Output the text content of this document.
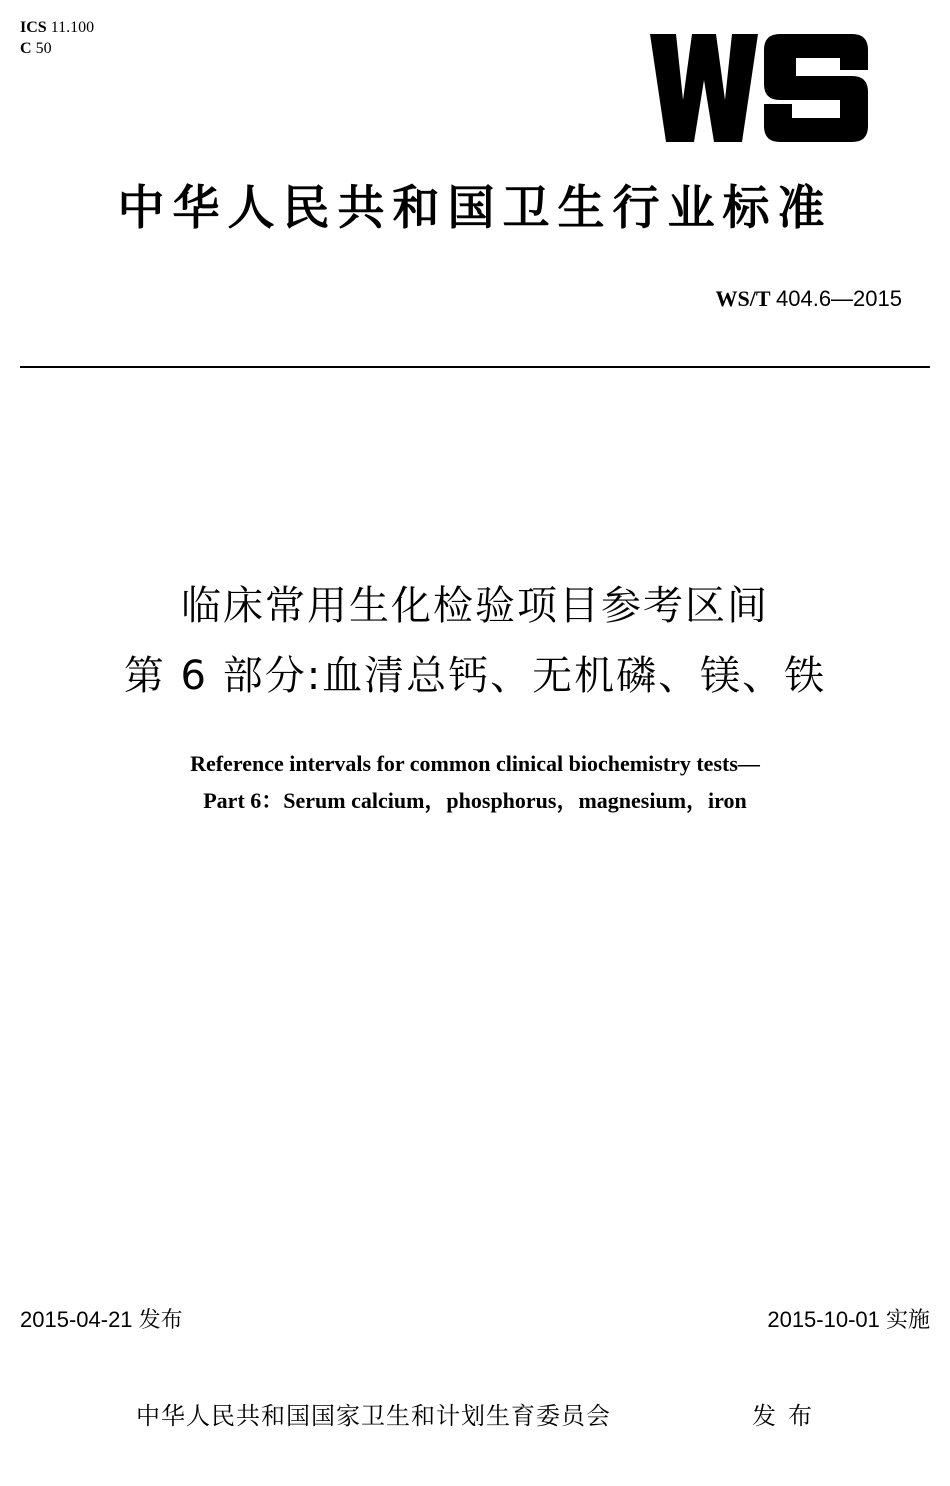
ICS 11.100
C 50
中华人民共和国卫生行业标准
WS/T 404.6—2015
临床常用生化检验项目参考区间
第 6 部分:血清总钙、无机磷、镁、铁
Reference intervals for common clinical biochemistry tests—
Part 6：Serum calcium，phosphorus，magnesium，iron
2015-04-21 发布	2015-10-01 实施
中华人民共和国国家卫生和计划生育委员会	发布
